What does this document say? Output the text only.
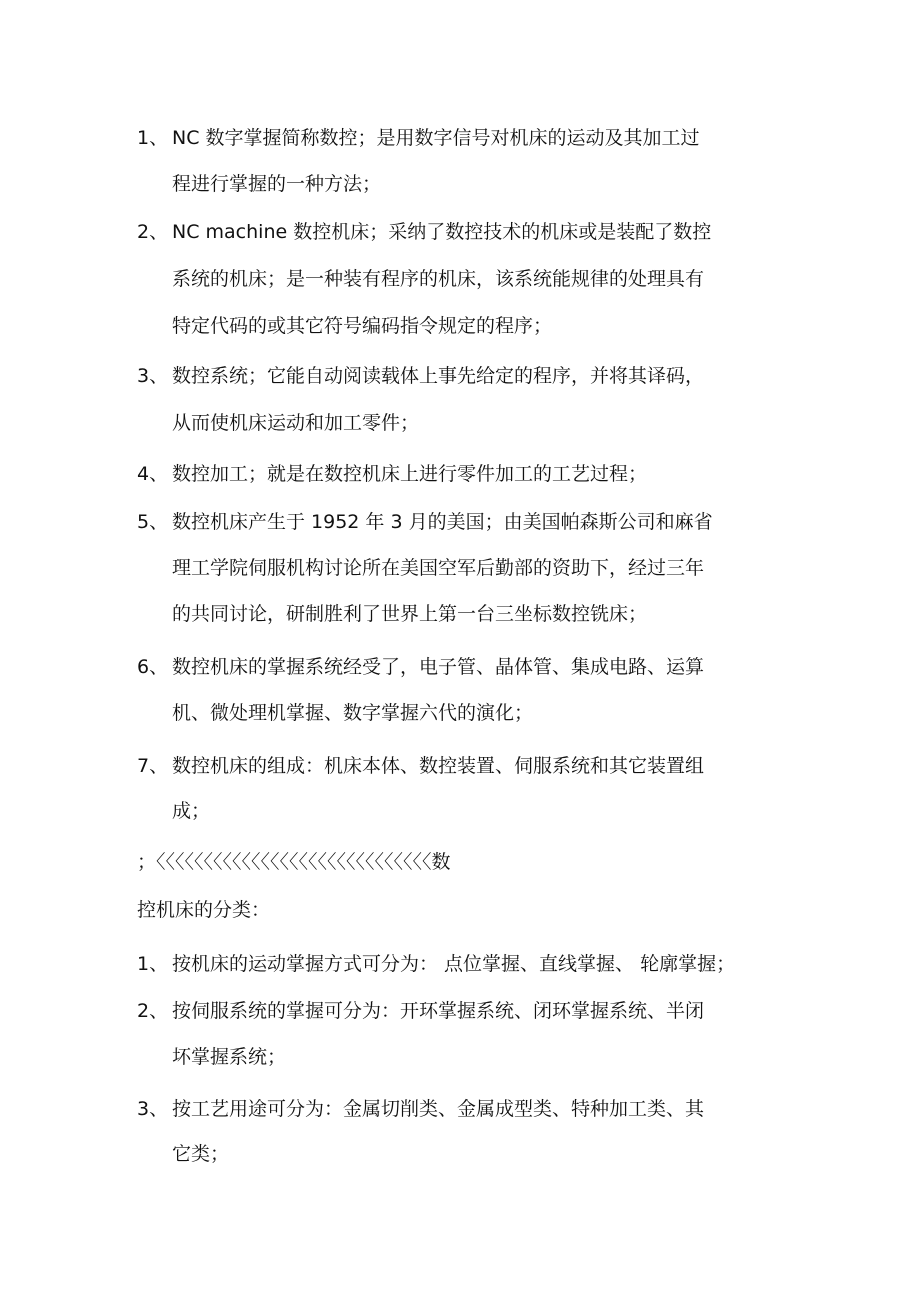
1、 NC 数字掌握简称数控；是用数字信号对机床的运动及其加工过
程进行掌握的一种方法；
2、 NC machine 数控机床；采纳了数控技术的机床或是装配了数控
系统的机床；是一种装有程序的机床，该系统能规律的处理具有
特定代码的或其它符号编码指令规定的程序；
3、 数控系统；它能自动阅读载体上事先给定的程序，并将其译码，
从而使机床运动和加工零件；
4、 数控加工；就是在数控机床上进行零件加工的工艺过程；
5、 数控机床产生于 1952 年 3 月的美国；由美国帕森斯公司和麻省
理工学院伺服机构讨论所在美国空军后勤部的资助下，经过三年
的共同讨论，研制胜利了世界上第一台三坐标数控铣床；
6、 数控机床的掌握系统经受了，电子管、晶体管、集成电路、运算
机、微处理机掌握、数字掌握六代的演化；
7、 数控机床的组成：机床本体、数控装置、伺服系统和其它装置组
成；
；〈〈〈〈〈〈〈〈〈〈〈〈〈〈〈〈〈〈〈〈〈〈〈〈〈〈〈〈〈数
控机床的分类：
1、 按机床的运动掌握方式可分为： 点位掌握、直线掌握、 轮廓掌握；
2、 按伺服系统的掌握可分为：开环掌握系统、闭环掌握系统、半闭
坏掌握系统；
3、 按工艺用途可分为：金属切削类、金属成型类、特种加工类、其
它类；
